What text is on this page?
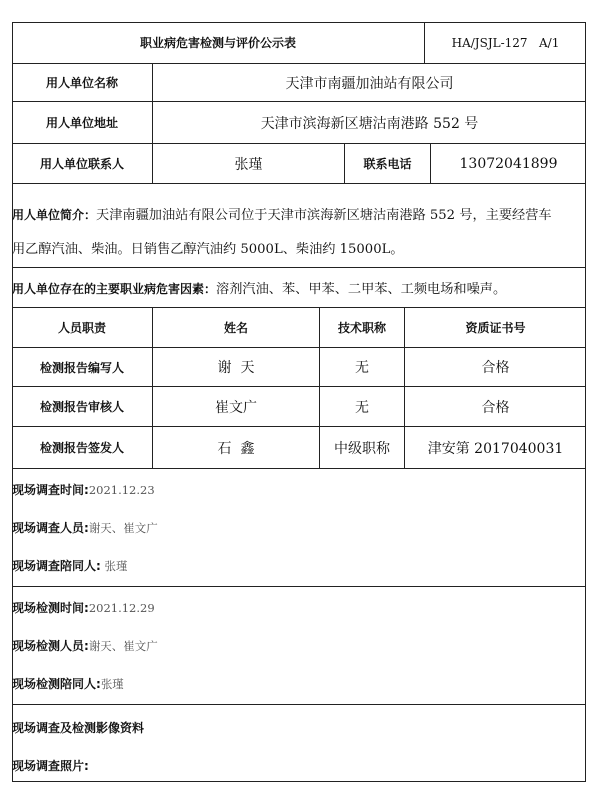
职业病危害检测与评价公示表	HA/JSJL-127   A/1
用人单位名称	天津市南疆加油站有限公司
用人单位地址	天津市滨海新区塘沽南港路 552 号
用人单位联系人	张瑾	联系电话	13072041899
用人单位简介：天津南疆加油站有限公司位于天津市滨海新区塘沽南港路 552 号，主要经营车
用乙醇汽油、柴油。日销售乙醇汽油约 5000L、柴油约 15000L。
用人单位存在的主要职业病危害因素：溶剂汽油、苯、甲苯、二甲苯、工频电场和噪声。
人员职责	姓名	技术职称	资质证书号
检测报告编写人	谢  天	无	合格
检测报告审核人	崔文广	无	合格
检测报告签发人	石  鑫	中级职称	津安第 2017040031
现场调查时间:2021.12.23
现场调查人员:谢天、崔文广
现场调查陪同人: 张瑾
现场检测时间:2021.12.29
现场检测人员:谢天、崔文广
现场检测陪同人:张瑾
现场调查及检测影像资料
现场调查照片:
